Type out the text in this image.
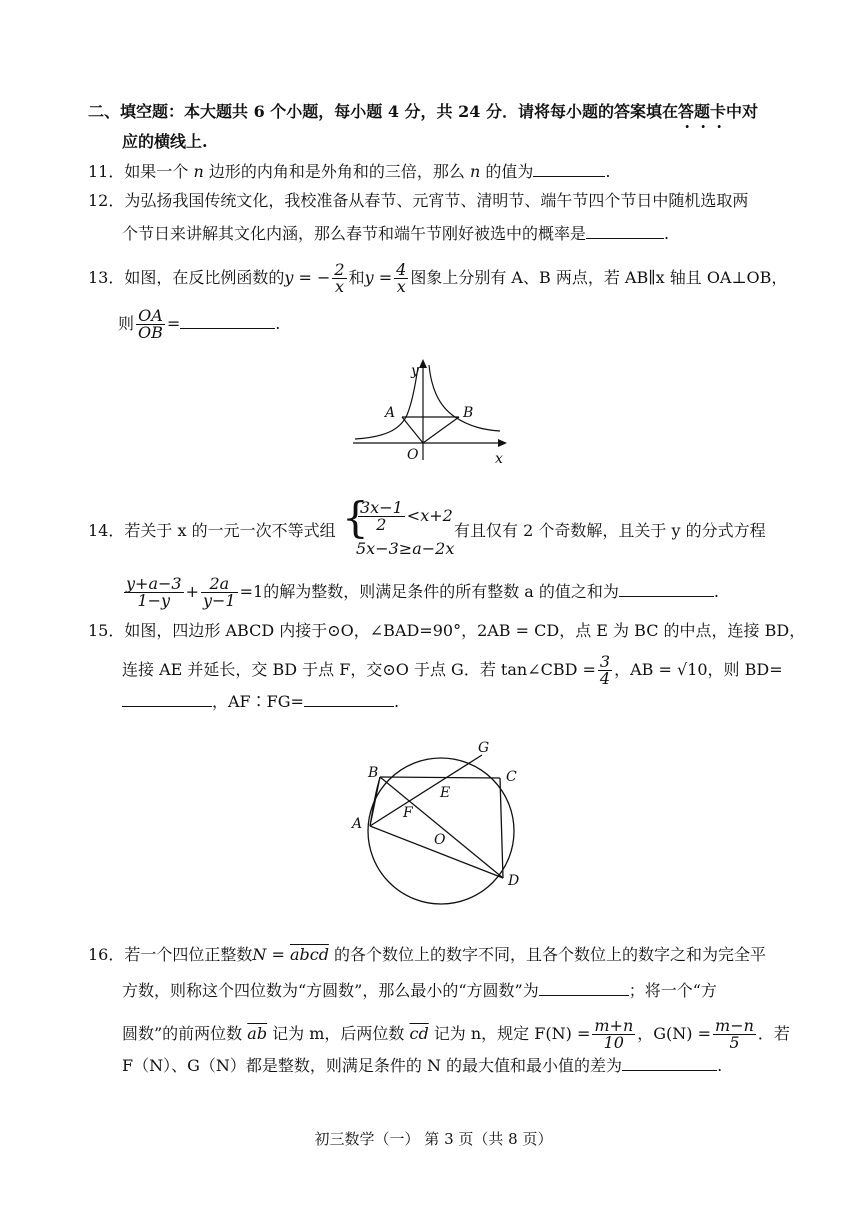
二、填空题：本大题共 6 个小题，每小题 4 分，共 24 分．请将每小题的答案填在答题卡中对
应的横线上.
11．如果一个 n 边形的内角和是外角和的三倍，那么 n 的值为	.
12．为弘扬我国传统文化，我校准备从春节、元宵节、清明节、端午节四个节日中随机选取两
个节日来讲解其文化内涵，那么春节和端午节刚好被选中的概率是	.
13．如图，在反比例函数的y = − $\frac{2}{x}$ 和$y = \frac{4}{x}$ 图象上分别有 A、B 两点，若 AB∥x 轴且 OA⊥OB，
则 $\frac{OA}{OB}$ =	.
y
x
A	B
O
14．若关于 x 的一元一次不等式组 {
$\frac{3x-1}{2} <x+2$
5x−3≥a−2x
有且仅有 2 个奇数解，且关于 y 的分式方程
$\frac{y+a-3}{1-y} + \frac{2a}{y-1} =1$的解为整数，则满足条件的所有整数 a 的值之和为	.
15．如图，四边形 ABCD 内接于⊙O，∠BAD=90°，2AB = CD，点 E 为 BC 的中点，连接 BD，
连接 AE 并延长，交 BD 于点 F，交⊙O 于点 G．若 tan∠CBD = $\frac{3}{4}$ ，AB = √10，则 BD=
，AF∶FG=	.
G
B	C
E
F
A
O
D
16．若一个四位正整数N = abcd 的各个数位上的数字不同，且各个数位上的数字之和为完全平
方数，则称这个四位数为“方圆数”，那么最小的“方圆数”为	；将一个“方
圆数”的前两位数 $\overline{ab}$ 记为 m，后两位数 $\overline{cd}$ 记为 n，规定 $F(N) = \frac{m+n}{10}$ ，$G(N) = \frac{m-n}{5}$ ．若
F（N）、G（N）都是整数，则满足条件的 N 的最大值和最小值的差为	.
初三数学（一） 第 3 页（共 8 页）
